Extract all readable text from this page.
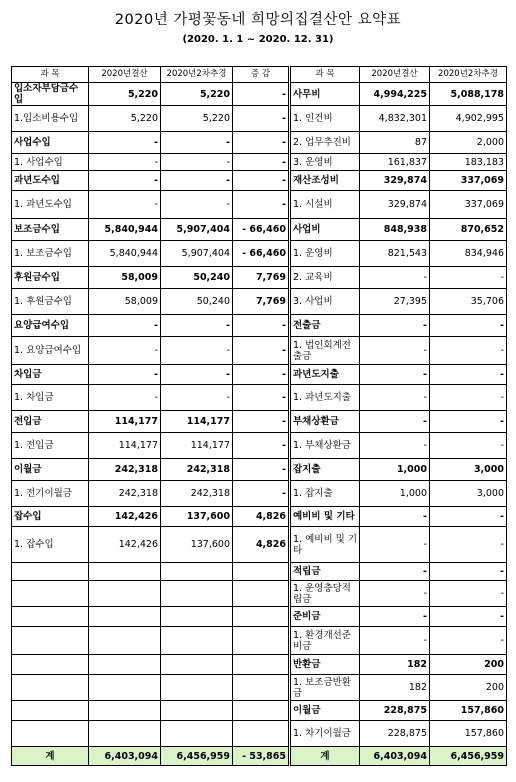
2020년 가평꽃동네 희망의집결산안 요약표
(2020. 1. 1 ~ 2020. 12. 31)
과 목	2020년결산	2020년2차추경	증 감		과 목	2020년결산	2020년2차추경
입소자부담금수입	5,220	5,220	-		사무비	4,994,225	5,088,178
1.입소비용수입	5,220	5,220	-		1. 인건비	4,832,301	4,902,995
사업수입	-	-	-		2. 업무추진비	87	2,000
1. 사업수입	-	-	-		3. 운영비	161,837	183,183
과년도수입	-	-	-		재산조성비	329,874	337,069
1. 과년도수입	-	-	-		1. 시설비	329,874	337,069
보조금수입	5,840,944	5,907,404	- 66,460		사업비	848,938	870,652
1. 보조금수입	5,840,944	5,907,404	- 66,460		1. 운영비	821,543	834,946
후원금수입	58,009	50,240	7,769		2. 교육비	-	-
1. 후원금수입	58,009	50,240	7,769		3. 사업비	27,395	35,706
요양급여수입	-	-	-		전출금	-	-
1. 요양급여수입	-	-	-		1. 법인회계전출금	-	-
차입금	-	-	-		과년도지출	-	-
1. 차입금	-	-	-		1. 과년도지출	-	-
전입금	114,177	114,177	-		부채상환금	-	-
1. 전입금	114,177	114,177	-		1. 부채상환금	-	-
이월금	242,318	242,318	-		잡지출	1,000	3,000
1. 전기이월금	242,318	242,318	-		1. 잡지출	1,000	3,000
잡수입	142,426	137,600	4,826		예비비 및 기타	-	-
1. 잡수입	142,426	137,600	4,826		1. 예비비 및 기타	-	-
					적립금	-	-
					1. 운영충당적립금	-	-
					준비금	-	-
					1. 환경개선준비금	-	-
					반환금	182	200
					1. 보조금반환금	182	200
					이월금	228,875	157,860
					1. 차기이월금	228,875	157,860
계	6,403,094	6,456,959	- 53,865		계	6,403,094	6,456,959
